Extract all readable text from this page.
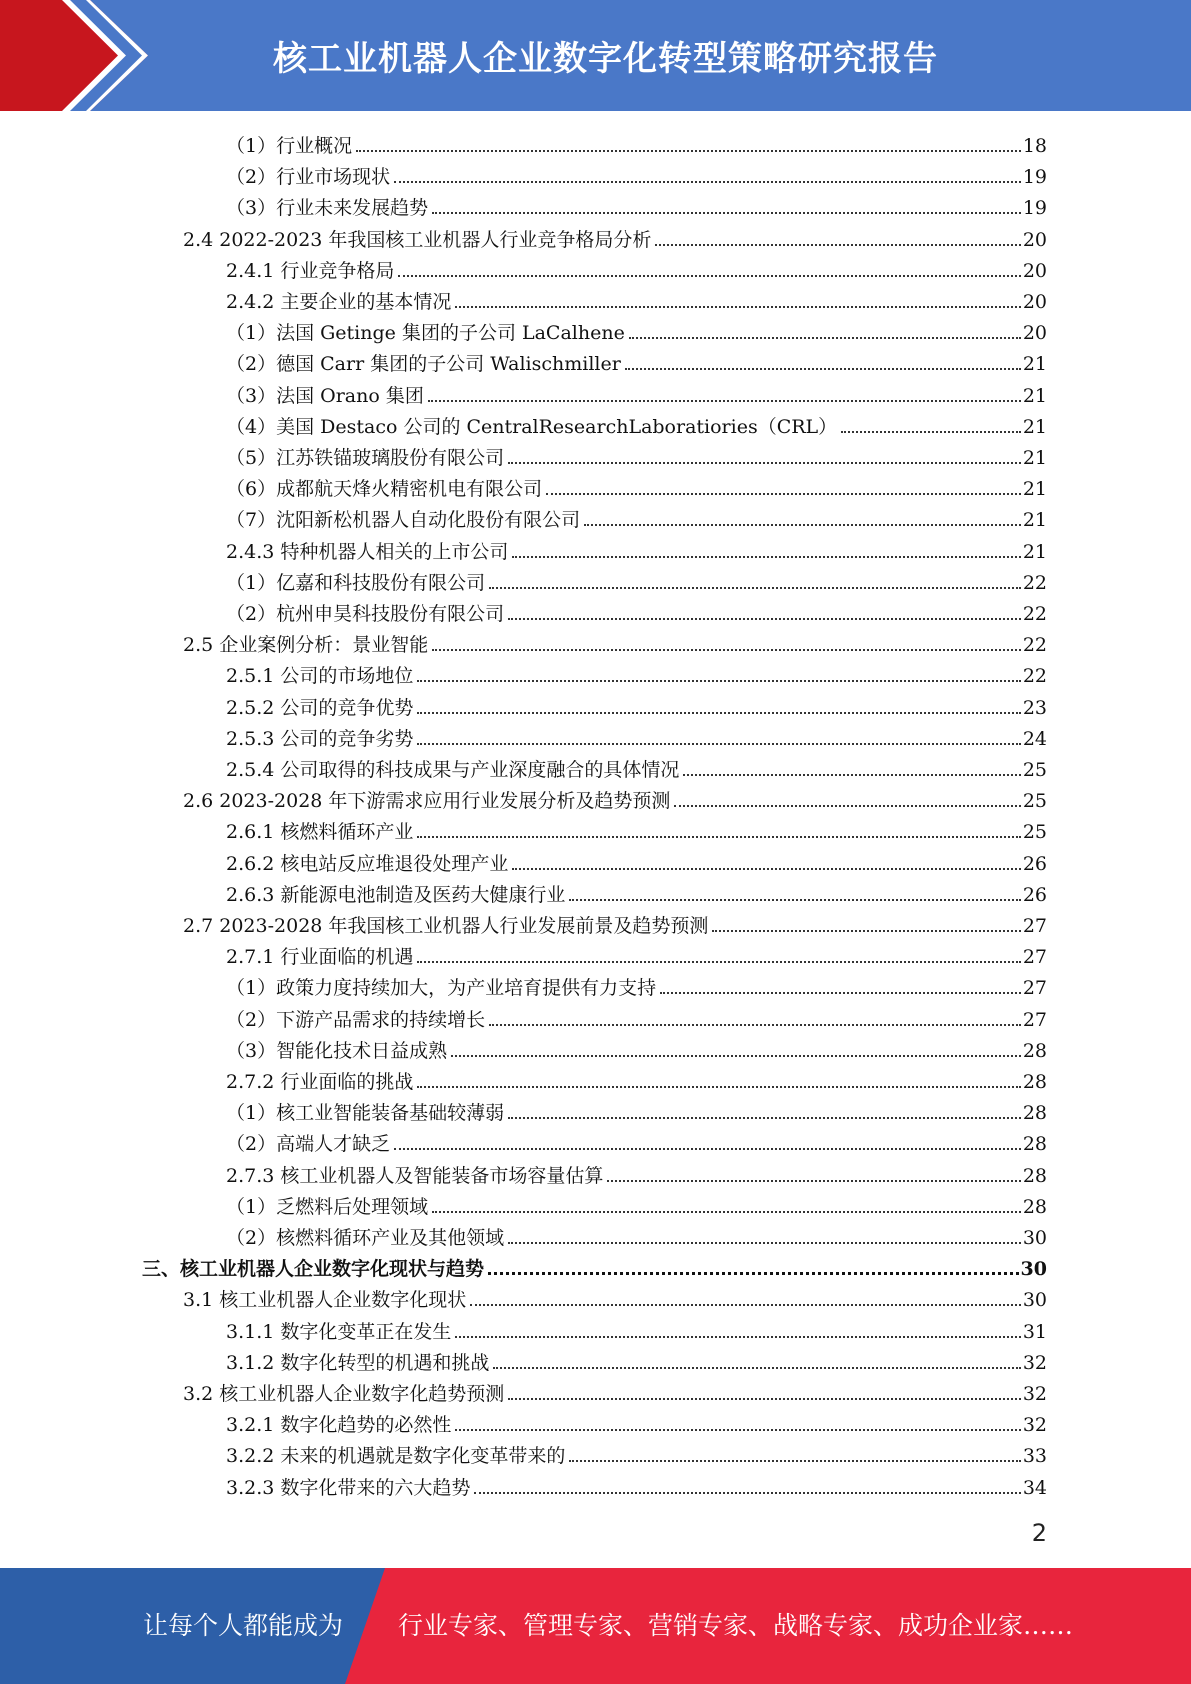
核工业机器人企业数字化转型策略研究报告
（1）行业概况	18
（2）行业市场现状	19
（3）行业未来发展趋势	19
2.4 2022-2023 年我国核工业机器人行业竞争格局分析	20
2.4.1 行业竞争格局	20
2.4.2 主要企业的基本情况	20
（1）法国 Getinge 集团的子公司 LaCalhene	20
（2）德国 Carr 集团的子公司 Walischmiller	21
（3）法国 Orano 集团	21
（4）美国 Destaco 公司的 CentralResearchLaboratiories（CRL）	21
（5）江苏铁锚玻璃股份有限公司	21
（6）成都航天烽火精密机电有限公司	21
（7）沈阳新松机器人自动化股份有限公司	21
2.4.3 特种机器人相关的上市公司	21
（1）亿嘉和科技股份有限公司	22
（2）杭州申昊科技股份有限公司	22
2.5 企业案例分析：景业智能	22
2.5.1 公司的市场地位	22
2.5.2 公司的竞争优势	23
2.5.3 公司的竞争劣势	24
2.5.4 公司取得的科技成果与产业深度融合的具体情况	25
2.6 2023-2028 年下游需求应用行业发展分析及趋势预测	25
2.6.1 核燃料循环产业	25
2.6.2 核电站反应堆退役处理产业	26
2.6.3 新能源电池制造及医药大健康行业	26
2.7 2023-2028 年我国核工业机器人行业发展前景及趋势预测	27
2.7.1 行业面临的机遇	27
（1）政策力度持续加大，为产业培育提供有力支持	27
（2）下游产品需求的持续增长	27
（3）智能化技术日益成熟	28
2.7.2 行业面临的挑战	28
（1）核工业智能装备基础较薄弱	28
（2）高端人才缺乏	28
2.7.3 核工业机器人及智能装备市场容量估算	28
（1）乏燃料后处理领域	28
（2）核燃料循环产业及其他领域	30
三、核工业机器人企业数字化现状与趋势	30
3.1 核工业机器人企业数字化现状	30
3.1.1 数字化变革正在发生	31
3.1.2 数字化转型的机遇和挑战	32
3.2 核工业机器人企业数字化趋势预测	32
3.2.1 数字化趋势的必然性	32
3.2.2 未来的机遇就是数字化变革带来的	33
3.2.3 数字化带来的六大趋势	34
2
让每个人都能成为 行业专家、管理专家、营销专家、战略专家、成功企业家……
